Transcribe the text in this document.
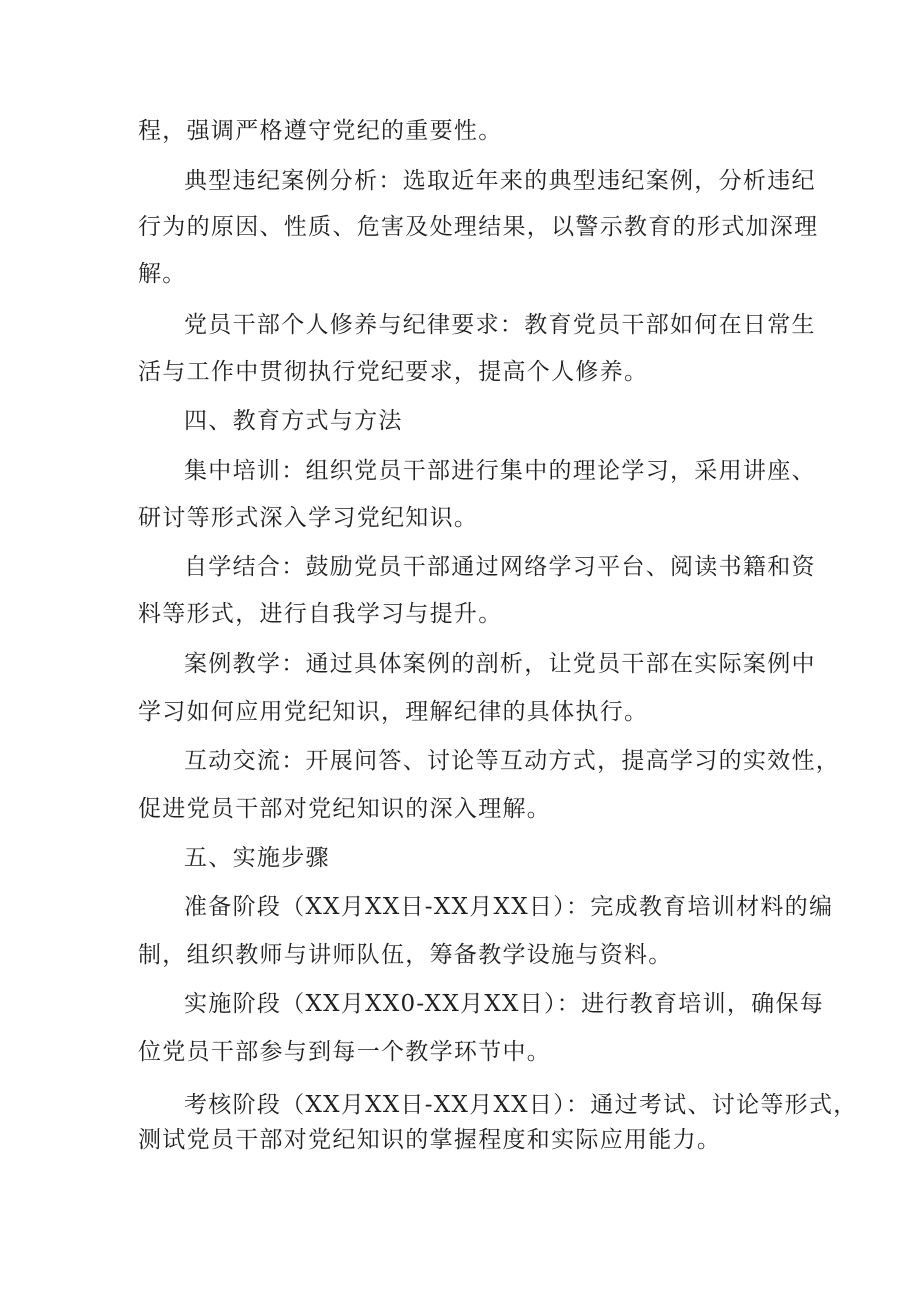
程，强调严格遵守党纪的重要性。
典型违纪案例分析：选取近年来的典型违纪案例，分析违纪
行为的原因、性质、危害及处理结果，以警示教育的形式加深理
解。
党员干部个人修养与纪律要求：教育党员干部如何在日常生
活与工作中贯彻执行党纪要求，提高个人修养。
四、教育方式与方法
集中培训：组织党员干部进行集中的理论学习，采用讲座、
研讨等形式深入学习党纪知识。
自学结合：鼓励党员干部通过网络学习平台、阅读书籍和资
料等形式，进行自我学习与提升。
案例教学：通过具体案例的剖析，让党员干部在实际案例中
学习如何应用党纪知识，理解纪律的具体执行。
互动交流：开展问答、讨论等互动方式，提高学习的实效性，
促进党员干部对党纪知识的深入理解。
五、实施步骤
准备阶段（XX月XX日-XX月XX日）：完成教育培训材料的编
制，组织教师与讲师队伍，筹备教学设施与资料。
实施阶段（XX月XX0-XX月XX日）：进行教育培训，确保每
位党员干部参与到每一个教学环节中。
考核阶段（XX月XX日-XX月XX日）：通过考试、讨论等形式，
测试党员干部对党纪知识的掌握程度和实际应用能力。
